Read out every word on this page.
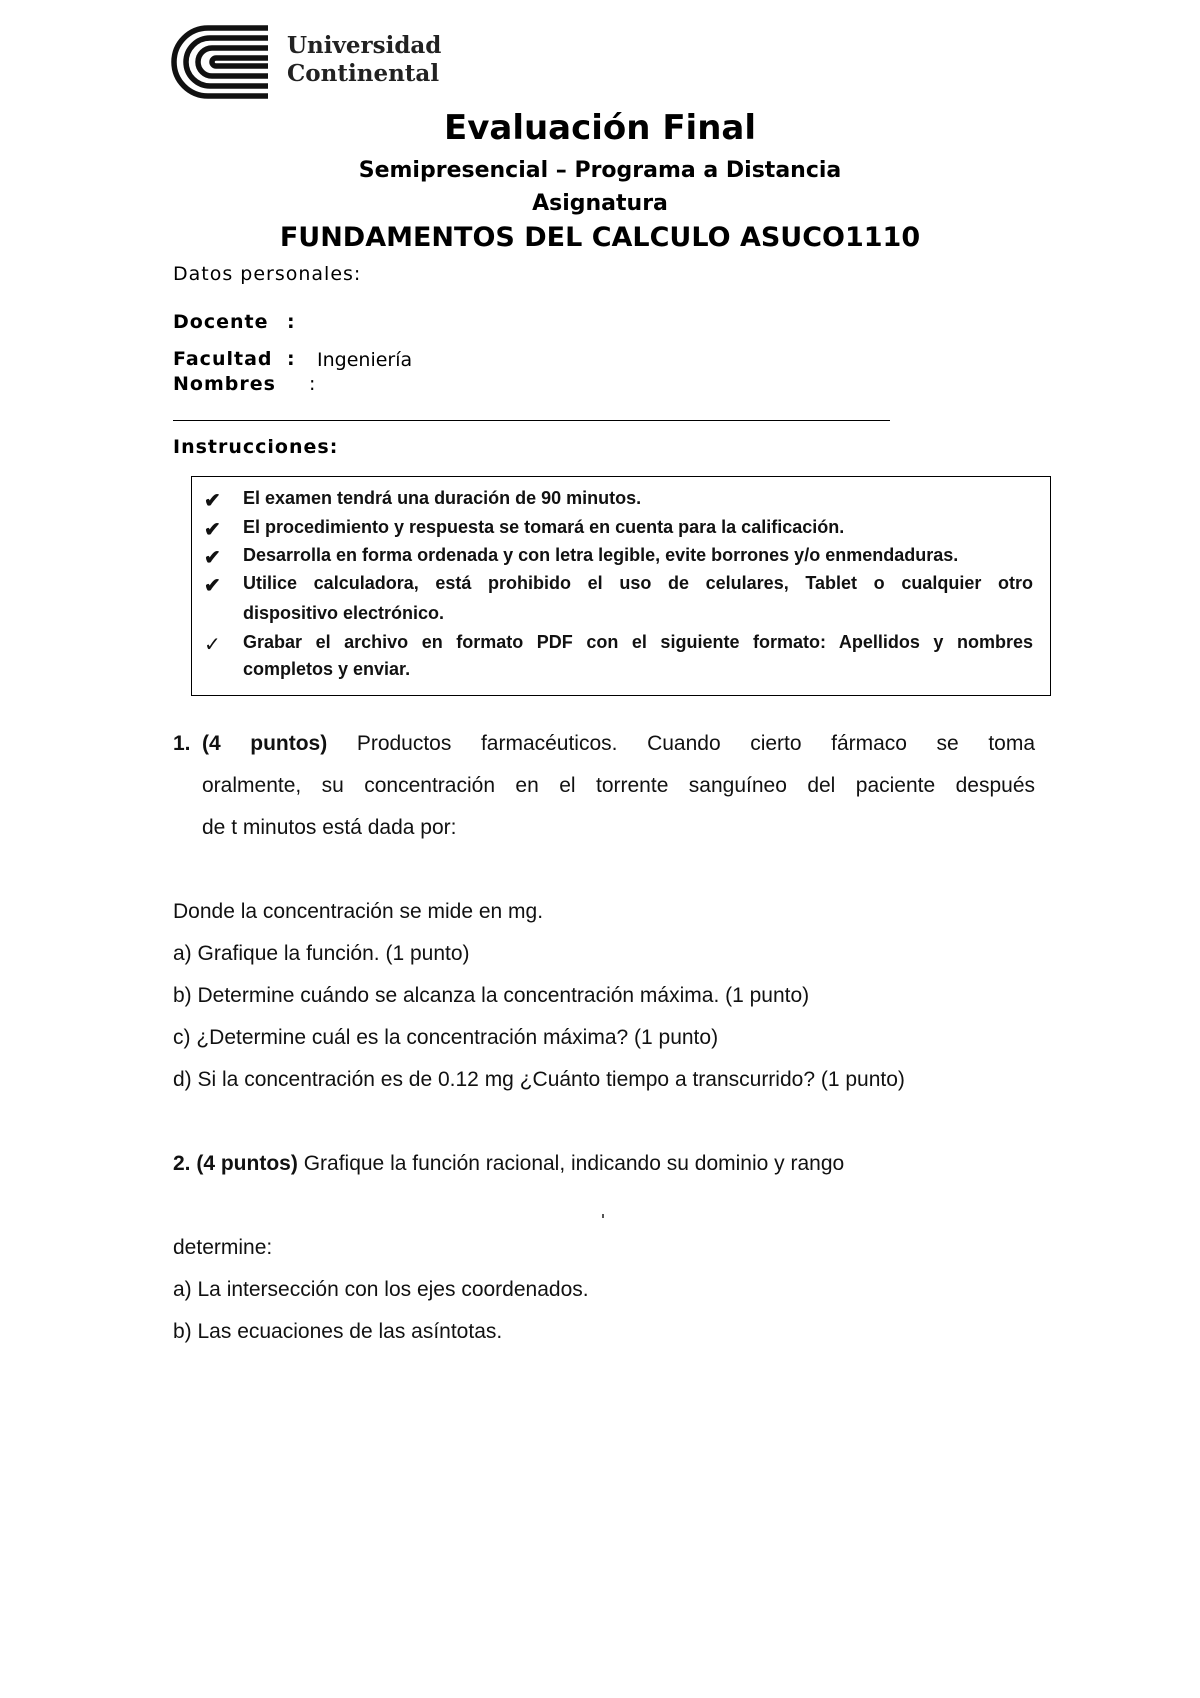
Universidad
Continental
Evaluación Final
Semipresencial – Programa a Distancia
Asignatura
FUNDAMENTOS DEL CALCULO ASUCO1110
Datos personales:
Docente :
Facultad : Ingeniería
Nombres :
Instrucciones:
✔ El examen tendrá una duración de 90 minutos.
✔ El procedimiento y respuesta se tomará en cuenta para la calificación.
✔ Desarrolla en forma ordenada y con letra legible, evite borrones y/o enmendaduras.
✔ Utilice calculadora, está prohibido el uso de celulares, Tablet o cualquier otro
dispositivo electrónico.
✓ Grabar el archivo en formato PDF con el siguiente formato: Apellidos y nombres
completos y enviar.
1. (4 puntos) Productos farmacéuticos. Cuando cierto fármaco se toma
oralmente, su concentración en el torrente sanguíneo del paciente después
de t minutos está dada por:
Donde la concentración se mide en mg.
a) Grafique la función. (1 punto)
b) Determine cuándo se alcanza la concentración máxima. (1 punto)
c) ¿Determine cuál es la concentración máxima? (1 punto)
d) Si la concentración es de 0.12 mg ¿Cuánto tiempo a transcurrido? (1 punto)
2. (4 puntos) Grafique la función racional, indicando su dominio y rango
determine:
a) La intersección con los ejes coordenados.
b) Las ecuaciones de las asíntotas.
